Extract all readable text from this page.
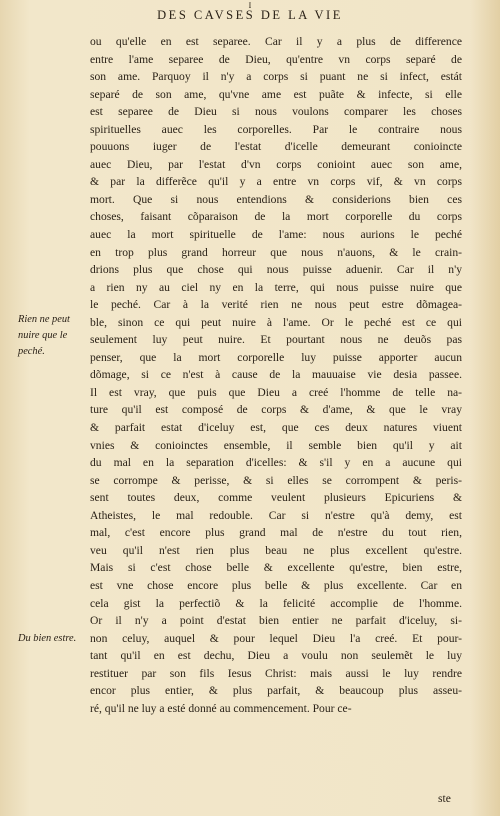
I
DES CAVSES DE LA VIE
Rien ne peut nuire que le peché.
Du bien estre.
ou qu'elle en est separee. Car il y a plus de difference
entre l'ame separee de Dieu, qu'entre vn corps separé de
son ame. Parquoy il n'y a corps si puant ne si infect, estát
separé de son ame, qu'vne ame est puãte & infecte, si elle
est separee de Dieu si nous voulons comparer les choses
spirituelles auec les corporelles. Par le contraire nous
pouuons iuger de l'estat d'icelle demeurant conioincte
auec Dieu, par l'estat d'vn corps conioint auec son ame,
& par la differẽce qu'il y a entre vn corps vif, & vn corps
mort. Que si nous entendions & considerions bien ces
choses, faisant cõparaison de la mort corporelle du corps
auec la mort spirituelle de l'ame: nous aurions le peché
en trop plus grand horreur que nous n'auons, & le crain-
drions plus que chose qui nous puisse aduenir. Car il n'y
a rien ny au ciel ny en la terre, qui nous puisse nuire que
le peché. Car à la verité rien ne nous peut estre dõmagea-
ble, sinon ce qui peut nuire à l'ame. Or le peché est ce qui
seulement luy peut nuire. Et pourtant nous ne deuõs pas
penser, que la mort corporelle luy puisse apporter aucun
dõmage, si ce n'est à cause de la mauuaise vie desia passee.
Il est vray, que puis que Dieu a creé l'homme de telle na-
ture qu'il est composé de corps & d'ame, & que le vray
& parfait estat d'iceluy est, que ces deux natures viuent
vnies & conioinctes ensemble, il semble bien qu'il y ait
du mal en la separation d'icelles: & s'il y en a aucune qui
se corrompe & perisse, & si elles se corrompent & peris-
sent toutes deux, comme veulent plusieurs Epicuriens &
Atheistes, le mal redouble. Car si n'estre qu'à demy, est
mal, c'est encore plus grand mal de n'estre du tout rien,
veu qu'il n'est rien plus beau ne plus excellent qu'estre.
Mais si c'est chose belle & excellente qu'estre, bien estre,
est vne chose encore plus belle & plus excellente. Car en
cela gist la perfectiõ & la felicité accomplie de l'homme.
Or il n'y a point d'estat bien entier ne parfait d'iceluy, si-
non celuy, auquel & pour lequel Dieu l'a creé. Et pour-
tant qu'il en est dechu, Dieu a voulu non seulemẽt le luy
restituer par son fils Iesus Christ: mais aussi le luy rendre
encor plus entier, & plus parfait, & beaucoup plus asseu-
ré, qu'il ne luy a esté donné au commencement. Pour ce-
ste
